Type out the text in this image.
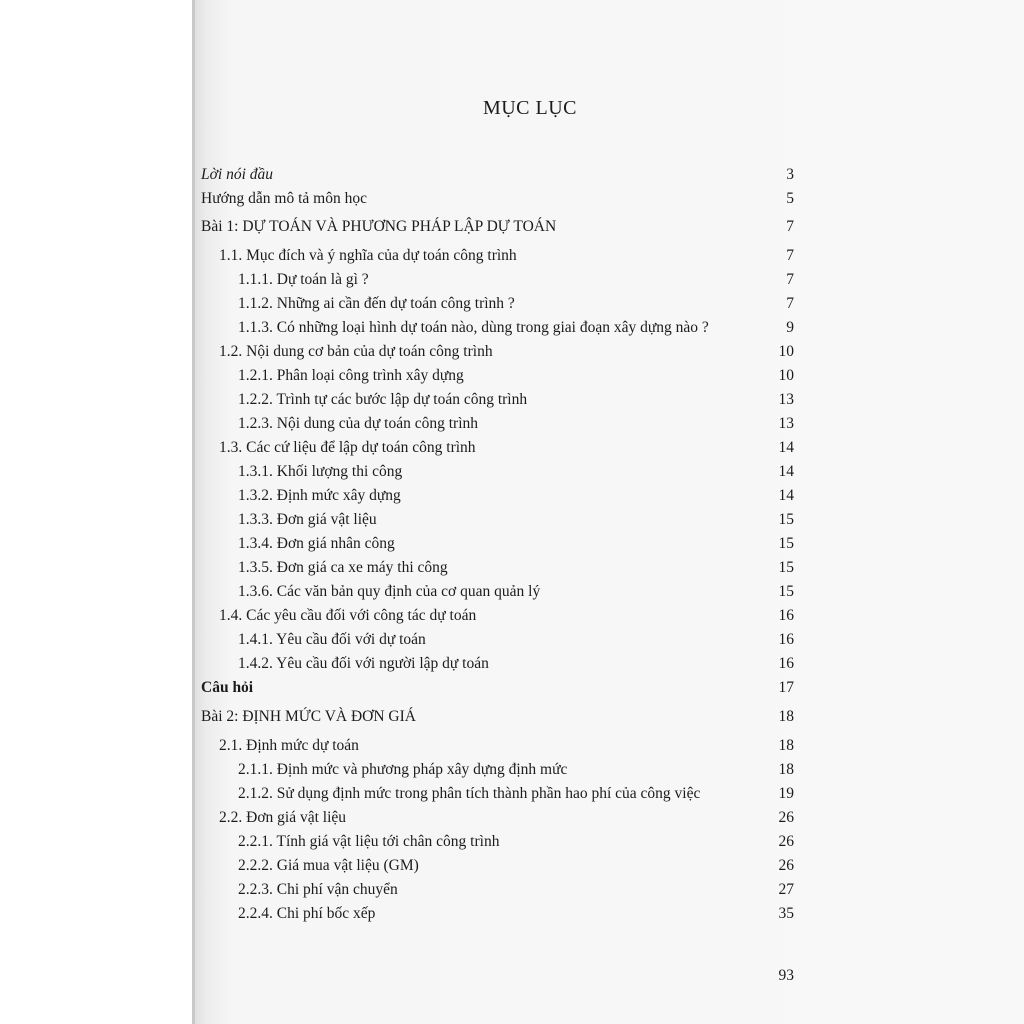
MỤC LỤC
Lời nói đầu	3
Hướng dẫn mô tả môn học	5
Bài 1: DỰ TOÁN VÀ PHƯƠNG PHÁP LẬP DỰ TOÁN	7
1.1. Mục đích và ý nghĩa của dự toán công trình	7
1.1.1. Dự toán là gì ?	7
1.1.2. Những ai cần đến dự toán công trình ?	7
1.1.3. Có những loại hình dự toán nào, dùng trong giai đoạn xây dựng nào ?	9
1.2. Nội dung cơ bản của dự toán công trình	10
1.2.1. Phân loại công trình xây dựng	10
1.2.2. Trình tự các bước lập dự toán công trình	13
1.2.3. Nội dung của dự toán công trình	13
1.3. Các cứ liệu để lập dự toán công trình	14
1.3.1. Khối lượng thi công	14
1.3.2. Định mức xây dựng	14
1.3.3. Đơn giá vật liệu	15
1.3.4. Đơn giá nhân công	15
1.3.5. Đơn giá ca xe máy thi công	15
1.3.6. Các văn bản quy định của cơ quan quản lý	15
1.4. Các yêu cầu đối với công tác dự toán	16
1.4.1. Yêu cầu đối với dự toán	16
1.4.2. Yêu cầu đối với người lập dự toán	16
Câu hỏi	17
Bài 2: ĐỊNH MỨC VÀ ĐƠN GIÁ	18
2.1. Định mức dự toán	18
2.1.1. Định mức và phương pháp xây dựng định mức	18
2.1.2. Sử dụng định mức trong phân tích thành phần hao phí của công việc	19
2.2. Đơn giá vật liệu	26
2.2.1. Tính giá vật liệu tới chân công trình	26
2.2.2. Giá mua vật liệu (GM)	26
2.2.3. Chi phí vận chuyển	27
2.2.4. Chi phí bốc xếp	35
93
